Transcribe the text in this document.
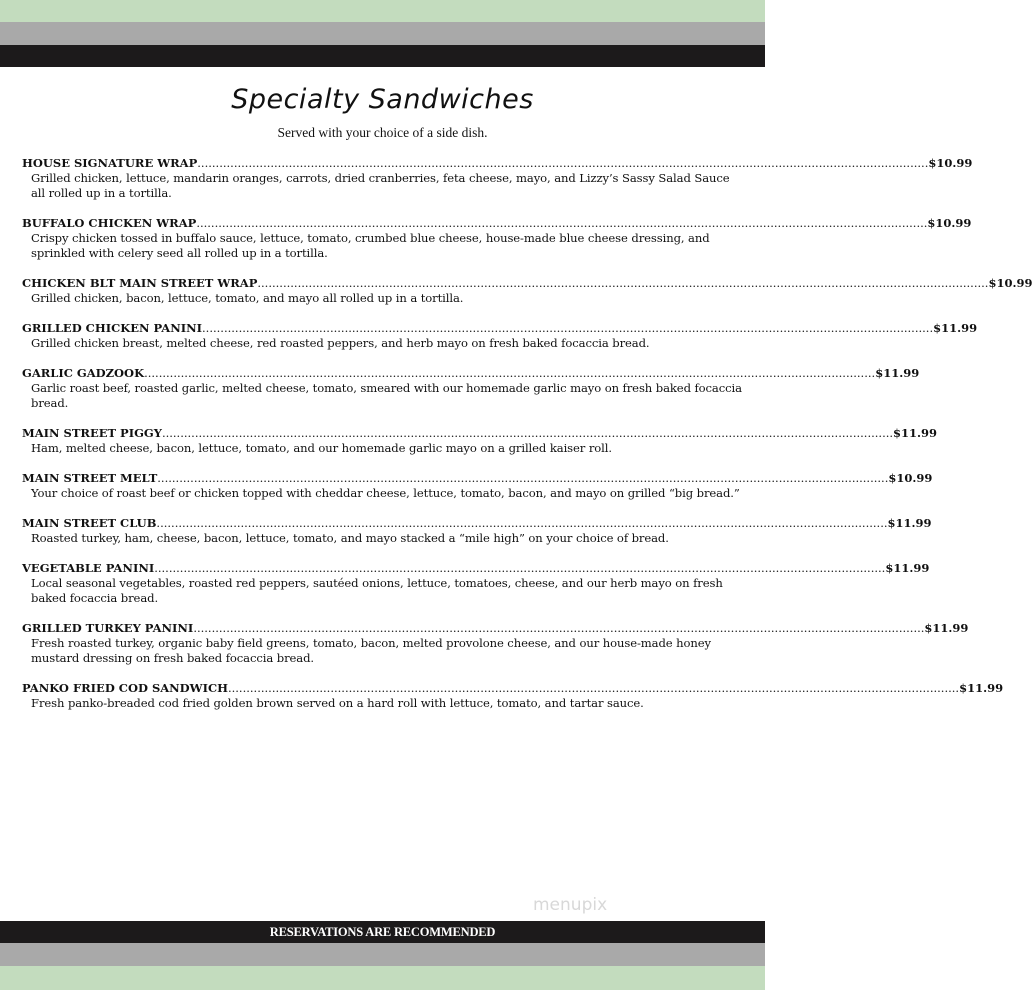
Specialty Sandwiches
Served with your choice of a side dish.
HOUSE SIGNATURE WRAP ........................................................................................................................................................................................................ $10.99
Grilled chicken, lettuce, mandarin oranges, carrots, dried cranberries, feta cheese, mayo, and Lizzy’s Sassy Salad Sauce all rolled up in a tortilla.
BUFFALO CHICKEN WRAP ........................................................................................................................................................................................................ $10.99
Crispy chicken tossed in buffalo sauce, lettuce, tomato, crumbed blue cheese, house-made blue cheese dressing, and sprinkled with celery seed all rolled up in a tortilla.
CHICKEN BLT MAIN STREET WRAP ........................................................................................................................................................................................................ $10.99
Grilled chicken, bacon, lettuce, tomato, and mayo all rolled up in a tortilla.
GRILLED CHICKEN PANINI ........................................................................................................................................................................................................ $11.99
Grilled chicken breast, melted cheese, red roasted peppers, and herb mayo on fresh baked focaccia bread.
GARLIC GADZOOK ........................................................................................................................................................................................................ $11.99
Garlic roast beef, roasted garlic, melted cheese, tomato, smeared with our homemade garlic mayo on fresh baked focaccia bread.
MAIN STREET PIGGY ........................................................................................................................................................................................................ $11.99
Ham, melted cheese, bacon, lettuce, tomato, and our homemade garlic mayo on a grilled kaiser roll.
MAIN STREET MELT ........................................................................................................................................................................................................ $10.99
Your choice of roast beef or chicken topped with cheddar cheese, lettuce, tomato, bacon, and mayo on grilled “big bread.”
MAIN STREET CLUB ........................................................................................................................................................................................................ $11.99
Roasted turkey, ham, cheese, bacon, lettuce, tomato, and mayo stacked a “mile high” on your choice of bread.
VEGETABLE PANINI ........................................................................................................................................................................................................ $11.99
Local seasonal vegetables, roasted red peppers, sautéed onions, lettuce, tomatoes, cheese, and our herb mayo on fresh baked focaccia bread.
GRILLED TURKEY PANINI ........................................................................................................................................................................................................ $11.99
Fresh roasted turkey, organic baby field greens, tomato, bacon, melted provolone cheese, and our house-made honey mustard dressing on fresh baked focaccia bread.
PANKO FRIED COD SANDWICH ........................................................................................................................................................................................................ $11.99
Fresh panko-breaded cod fried golden brown served on a hard roll with lettuce, tomato, and tartar sauce.
menupix
RESERVATIONS ARE RECOMMENDED
